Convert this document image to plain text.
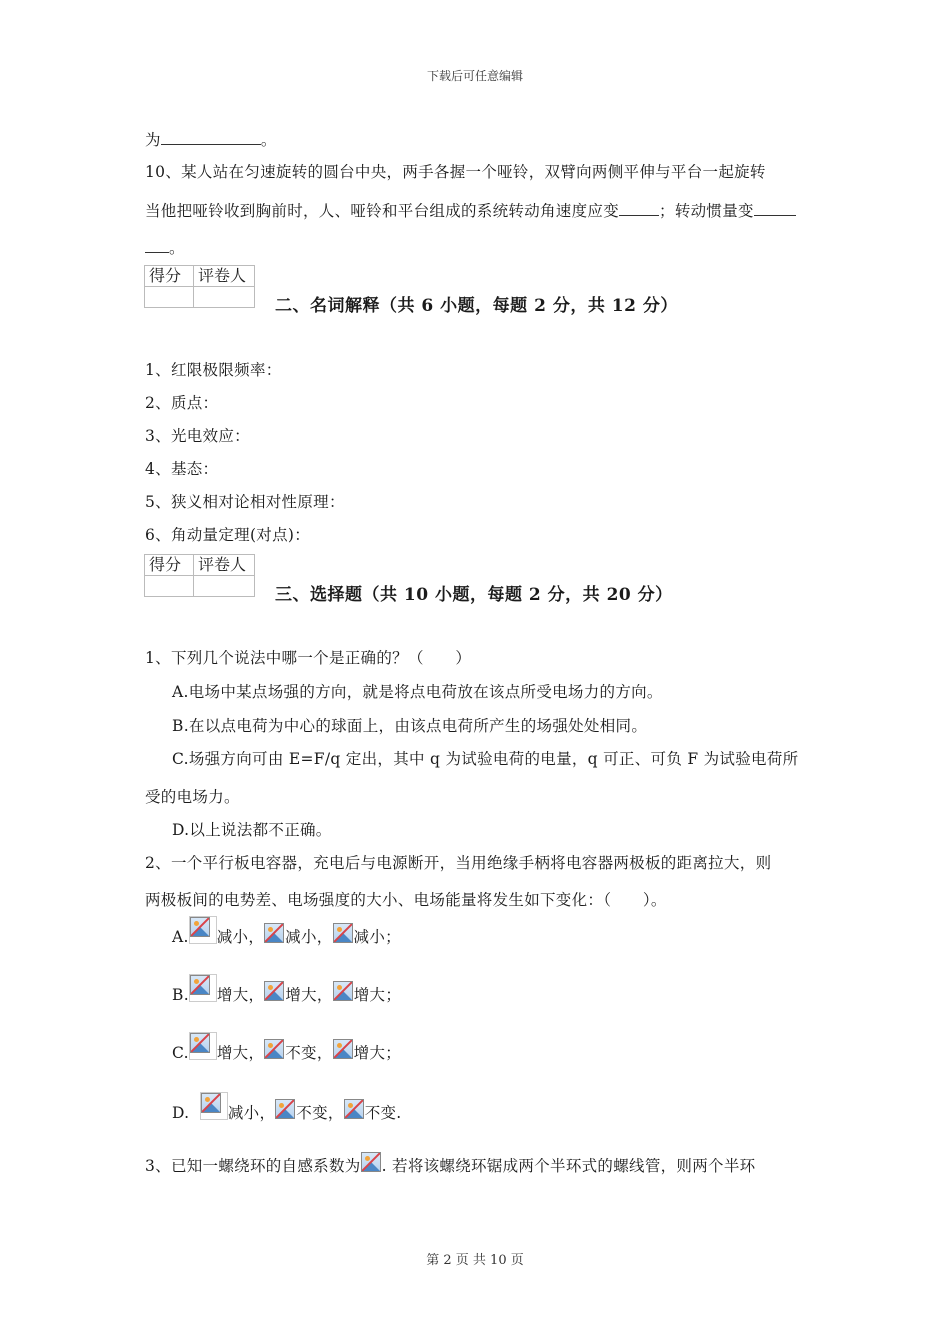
下载后可任意编辑
为	。
10、某人站在匀速旋转的圆台中央，两手各握一个哑铃，双臂向两侧平伸与平台一起旋转
当他把哑铃收到胸前时，人、哑铃和平台组成的系统转动角速度应变	；转动惯量变
。
得分	评卷人

二、名词解释（共 6 小题，每题 2 分，共 12 分）
1、红限极限频率：
2、质点：
3、光电效应：
4、基态：
5、狭义相对论相对性原理：
6、角动量定理(对点)：
得分	评卷人

三、选择题（共 10 小题，每题 2 分，共 20 分）
1、下列几个说法中哪一个是正确的？（　　）
A.电场中某点场强的方向，就是将点电荷放在该点所受电场力的方向。
B.在以点电荷为中心的球面上，由该点电荷所产生的场强处处相同。
C.场强方向可由 E=F/q 定出，其中 q 为试验电荷的电量，q 可正、可负 F 为试验电荷所
受的电场力。
D.以上说法都不正确。
2、一个平行板电容器，充电后与电源断开，当用绝缘手柄将电容器两极板的距离拉大，则
两极板间的电势差、电场强度的大小、电场能量将发生如下变化：（　　）。
A. 减小， 减小， 减小；
B. 增大， 增大， 增大；
C. 增大， 不变， 增大；
D. 减小， 不变， 不变.
3、已知一螺绕环的自感系数为 . 若将该螺绕环锯成两个半环式的螺线管，则两个半环
第 2 页 共 10 页
